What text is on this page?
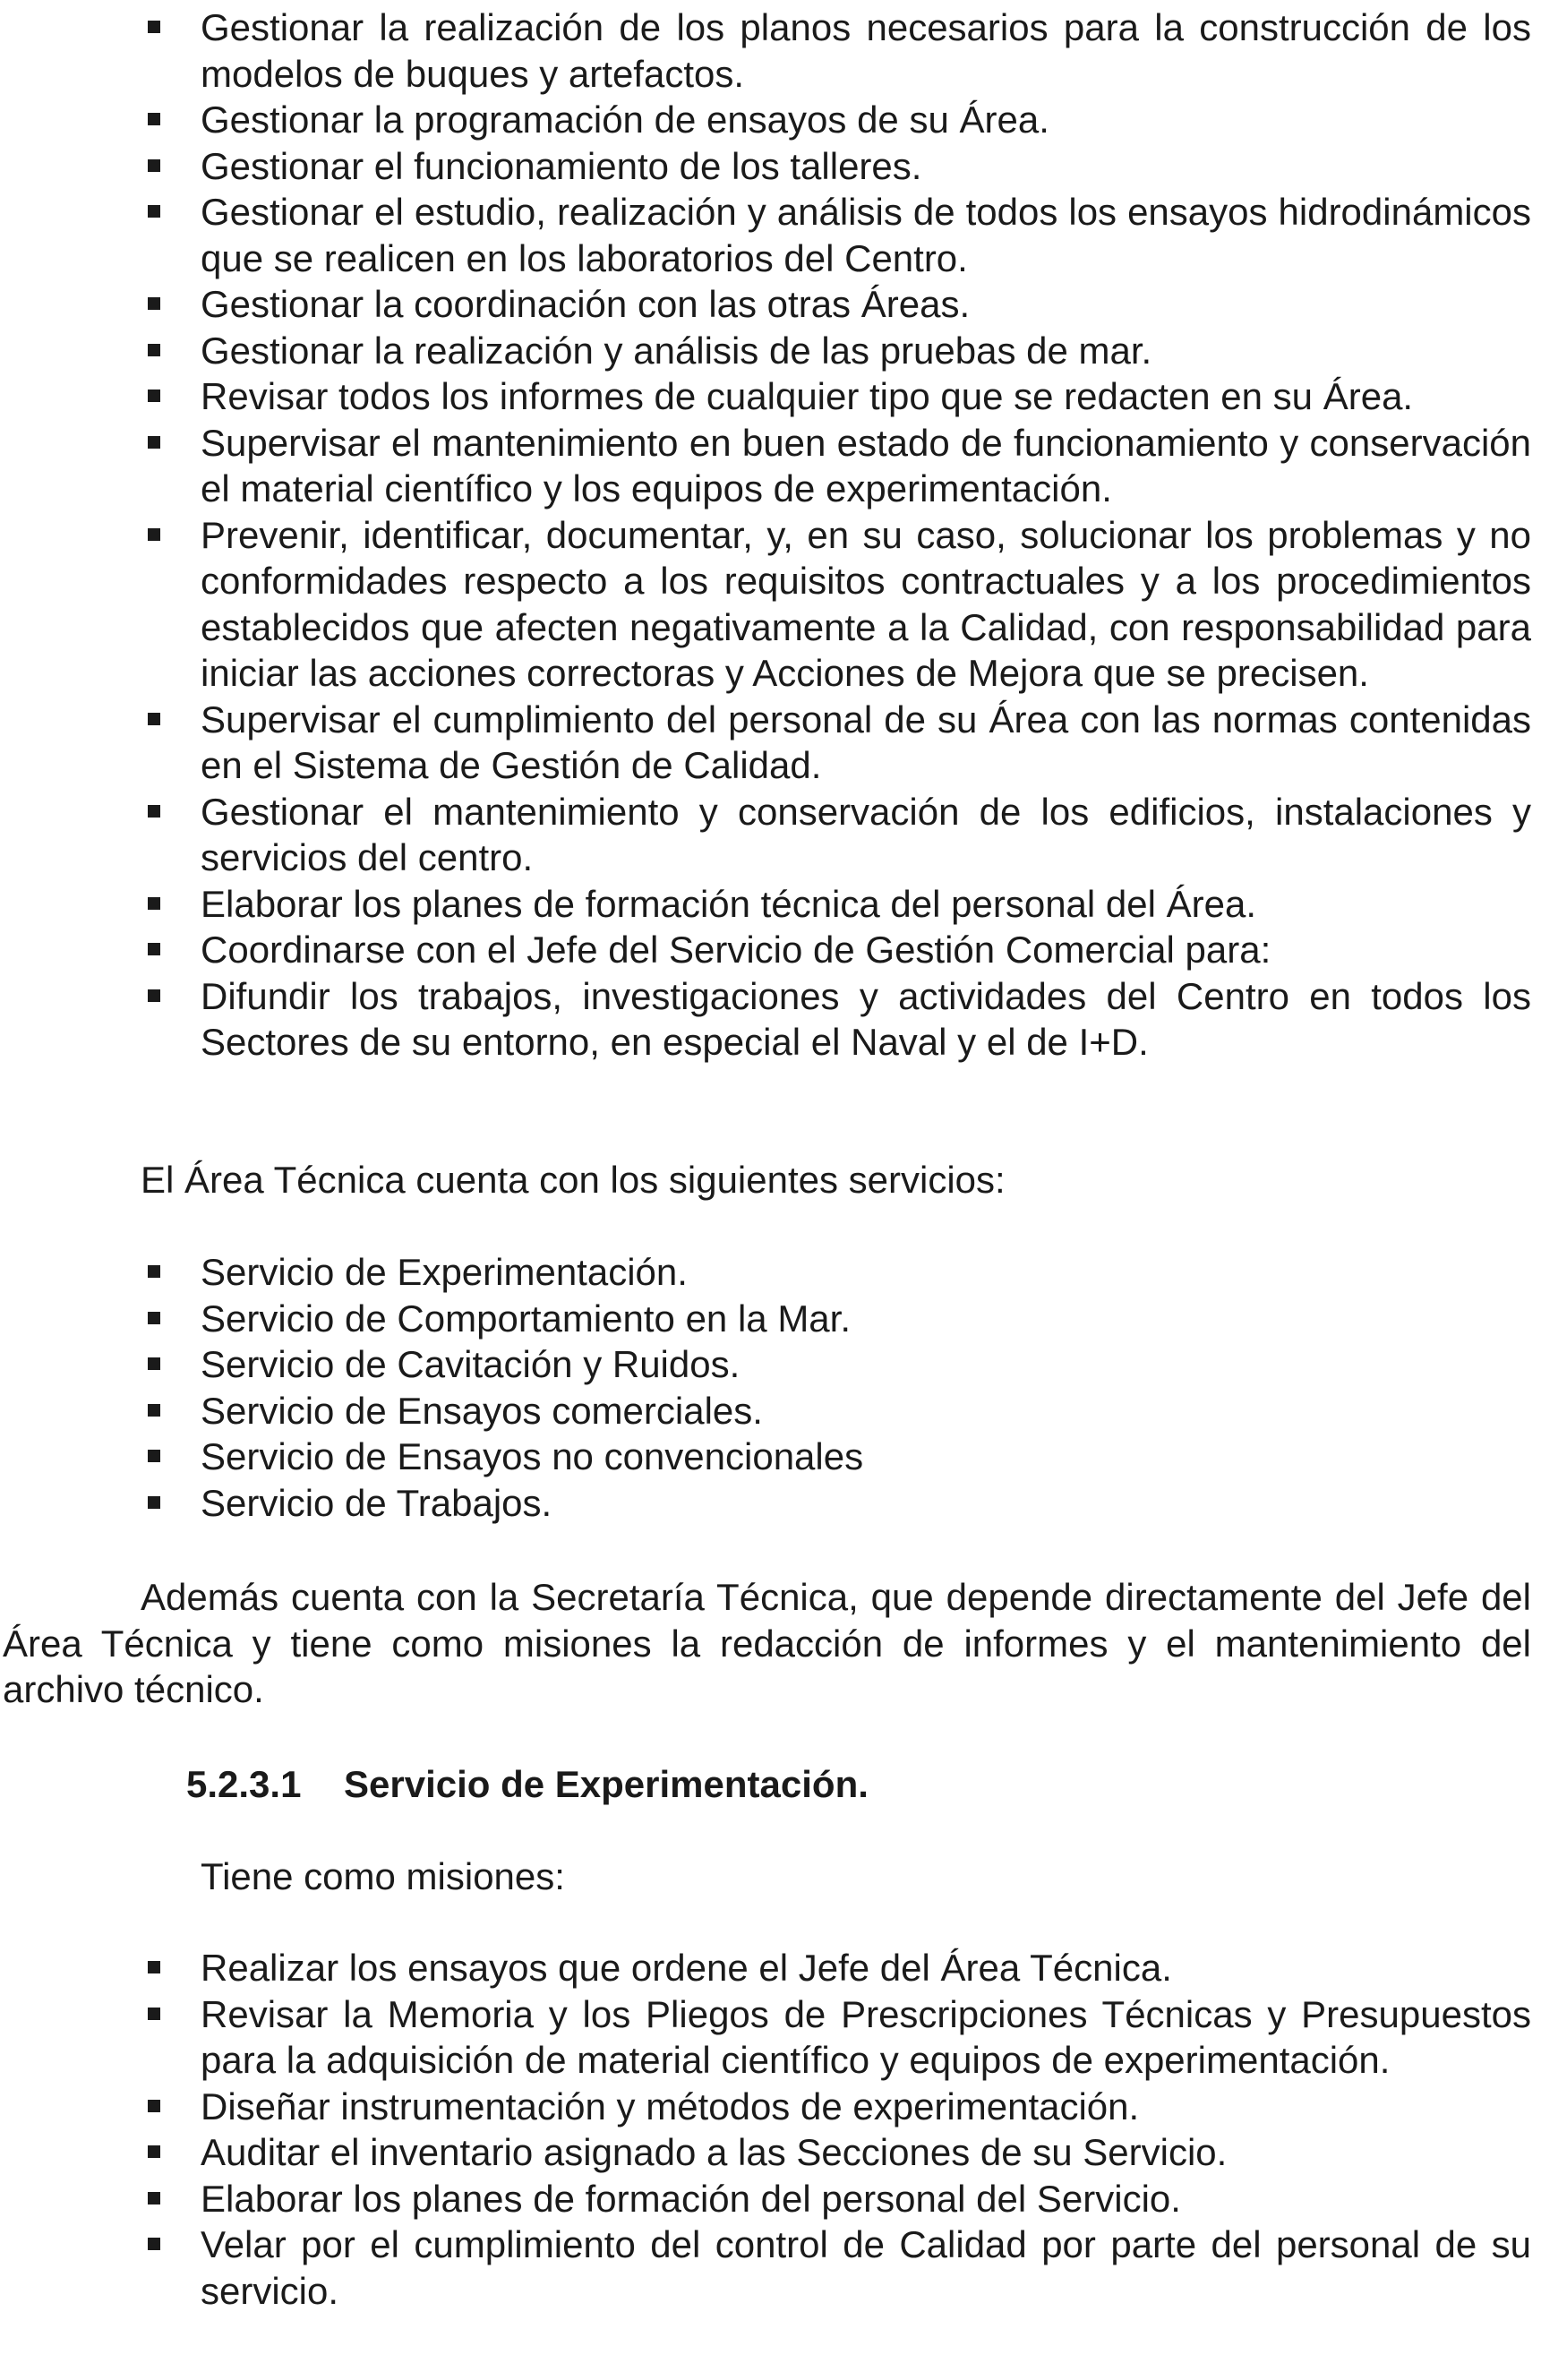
Gestionar la realización de los planos necesarios para la construcción de los modelos de buques y artefactos.
Gestionar la programación de ensayos de su Área.
Gestionar el funcionamiento de los talleres.
Gestionar el estudio, realización y análisis de todos los ensayos hidrodinámicos que se realicen en los laboratorios del Centro.
Gestionar la coordinación con las otras Áreas.
Gestionar la realización y análisis de las pruebas de mar.
Revisar todos los informes de cualquier tipo que se redacten en su Área.
Supervisar el mantenimiento en buen estado de funcionamiento y conservación el material científico y los equipos de experimentación.
Prevenir, identificar, documentar, y, en su caso, solucionar los problemas y no conformidades respecto a los requisitos contractuales y a los procedimientos establecidos que afecten negativamente a la Calidad, con responsabilidad para iniciar las acciones correctoras y Acciones de Mejora que se precisen.
Supervisar el cumplimiento del personal de su Área con las normas contenidas en el Sistema de Gestión de Calidad.
Gestionar el mantenimiento y conservación de los edificios, instalaciones y servicios del centro.
Elaborar los planes de formación técnica del personal del Área.
Coordinarse con el Jefe del Servicio de Gestión Comercial para:
Difundir los trabajos, investigaciones y actividades del Centro en todos los Sectores de su entorno, en especial el Naval y el de I+D.

El Área Técnica cuenta con los siguientes servicios:

Servicio de Experimentación.
Servicio de Comportamiento en la Mar.
Servicio de Cavitación y Ruidos.
Servicio de Ensayos comerciales.
Servicio de Ensayos no convencionales
Servicio de Trabajos.

Además cuenta con la Secretaría Técnica, que depende directamente del Jefe del Área Técnica y tiene como misiones la redacción de informes y el mantenimiento del archivo técnico.

5.2.3.1 Servicio de Experimentación.

Tiene como misiones:

Realizar los ensayos que ordene el Jefe del Área Técnica.
Revisar la Memoria y los Pliegos de Prescripciones Técnicas y Presupuestos para la adquisición de material científico y equipos de experimentación.
Diseñar instrumentación y métodos de experimentación.
Auditar el inventario asignado a las Secciones de su Servicio.
Elaborar los planes de formación del personal del Servicio.
Velar por el cumplimiento del control de Calidad por parte del personal de su servicio.
